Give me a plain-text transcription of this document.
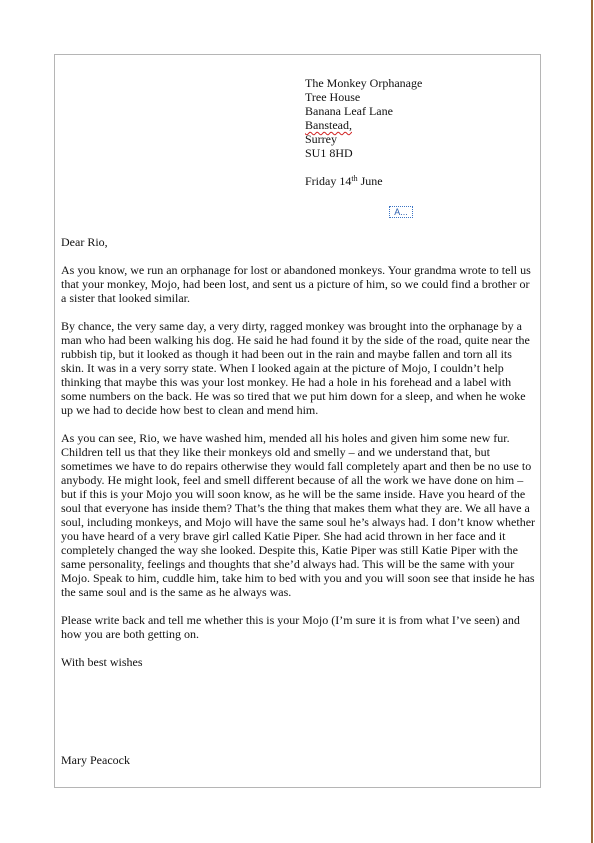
The Monkey Orphanage
Tree House
Banana Leaf Lane
Banstead,
Surrey
SU1 8HD
Friday 14th June
A...

Dear Rio,

As you know, we run an orphanage for lost or abandoned monkeys. Your grandma wrote to tell us that your monkey, Mojo, had been lost, and sent us a picture of him, so we could find a brother or a sister that looked similar.

By chance, the very same day, a very dirty, ragged monkey was brought into the orphanage by a man who had been walking his dog. He said he had found it by the side of the road, quite near the rubbish tip, but it looked as though it had been out in the rain and maybe fallen and torn all its skin. It was in a very sorry state. When I looked again at the picture of Mojo, I couldn’t help thinking that maybe this was your lost monkey. He had a hole in his forehead and a label with some numbers on the back. He was so tired that we put him down for a sleep, and when he woke up we had to decide how best to clean and mend him.

As you can see, Rio, we have washed him, mended all his holes and given him some new fur. Children tell us that they like their monkeys old and smelly – and we understand that, but sometimes we have to do repairs otherwise they would fall completely apart and then be no use to anybody. He might look, feel and smell different because of all the work we have done on him – but if this is your Mojo you will soon know, as he will be the same inside. Have you heard of the soul that everyone has inside them? That’s the thing that makes them what they are. We all have a soul, including monkeys, and Mojo will have the same soul he’s always had. I don’t know whether you have heard of a very brave girl called Katie Piper. She had acid thrown in her face and it completely changed the way she looked. Despite this, Katie Piper was still Katie Piper with the same personality, feelings and thoughts that she’d always had. This will be the same with your Mojo. Speak to him, cuddle him, take him to bed with you and you will soon see that inside he has the same soul and is the same as he always was.

Please write back and tell me whether this is your Mojo (I’m sure it is from what I’ve seen) and how you are both getting on.

With best wishes

Mary Peacock
